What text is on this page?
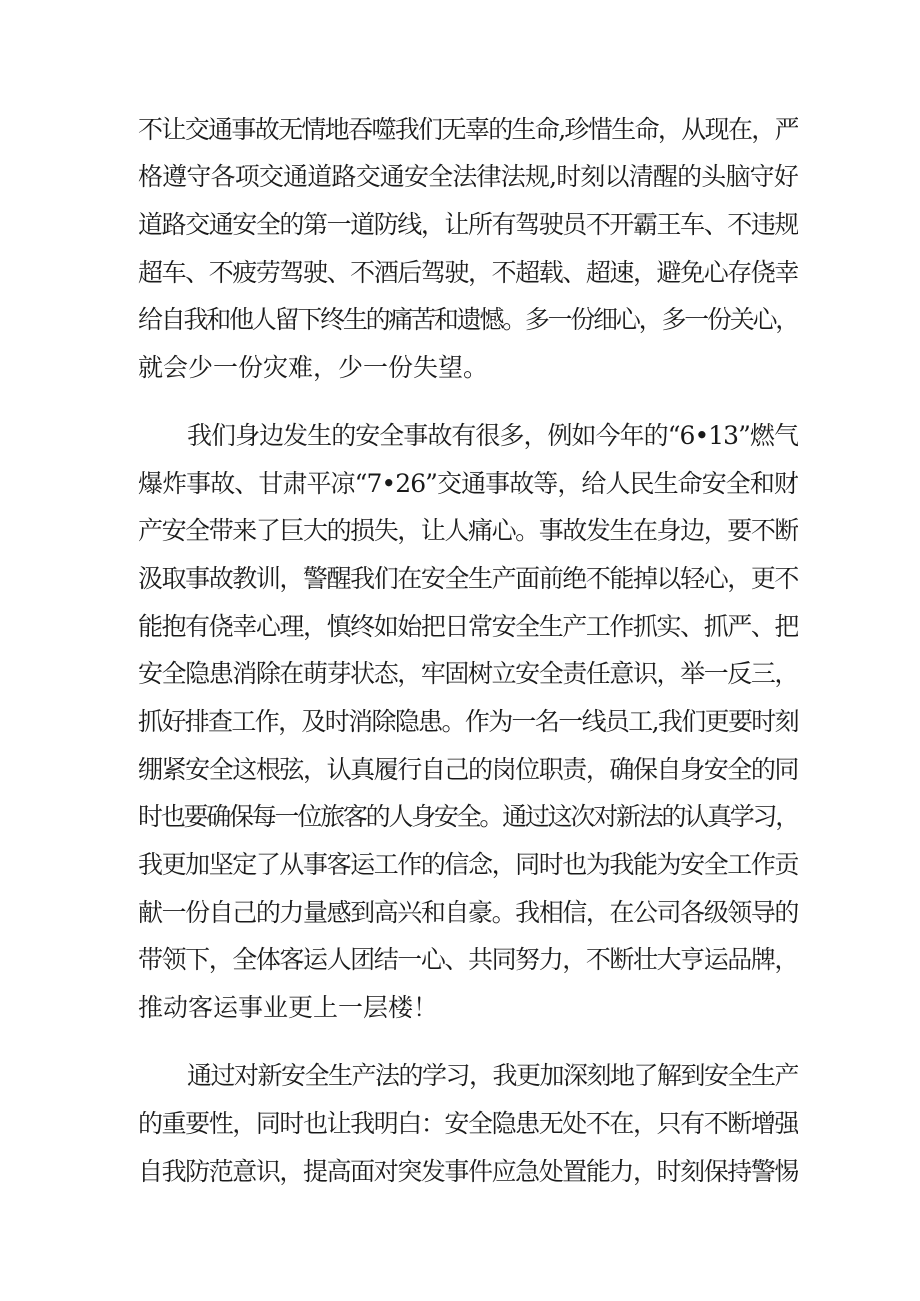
不让交通事故无情地吞噬我们无辜的生命,珍惜生命，从现在，严
格遵守各项交通道路交通安全法律法规,时刻以清醒的头脑守好
道路交通安全的第一道防线，让所有驾驶员不开霸王车、不违规
超车、不疲劳驾驶、不酒后驾驶，不超载、超速，避免心存侥幸
给自我和他人留下终生的痛苦和遗憾。多一份细心，多一份关心，
就会少一份灾难，少一份失望。
我们身边发生的安全事故有很多，例如今年的“6•13”燃气
爆炸事故、甘肃平凉“7•26”交通事故等，给人民生命安全和财
产安全带来了巨大的损失，让人痛心。事故发生在身边，要不断
汲取事故教训，警醒我们在安全生产面前绝不能掉以轻心，更不
能抱有侥幸心理，慎终如始把日常安全生产工作抓实、抓严、把
安全隐患消除在萌芽状态，牢固树立安全责任意识，举一反三，
抓好排查工作，及时消除隐患。作为一名一线员工,我们更要时刻
绷紧安全这根弦，认真履行自己的岗位职责，确保自身安全的同
时也要确保每一位旅客的人身安全。通过这次对新法的认真学习，
我更加坚定了从事客运工作的信念，同时也为我能为安全工作贡
献一份自己的力量感到高兴和自豪。我相信，在公司各级领导的
带领下，全体客运人团结一心、共同努力，不断壮大亨运品牌，
推动客运事业更上一层楼！
通过对新安全生产法的学习，我更加深刻地了解到安全生产
的重要性，同时也让我明白：安全隐患无处不在，只有不断增强
自我防范意识，提高面对突发事件应急处置能力，时刻保持警惕
